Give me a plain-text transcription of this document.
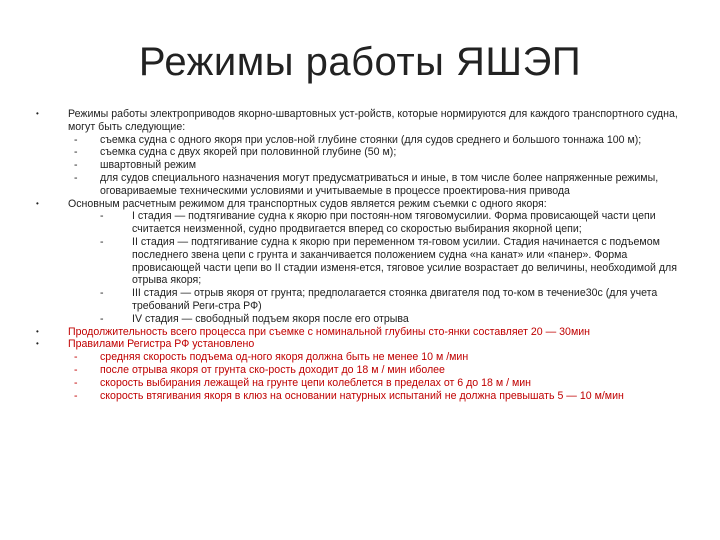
Режимы работы ЯШЭП
•	Режимы работы электроприводов якорно-швартовных уст-ройств, которые нормируются для каждого транспортного судна, могут быть следующие:
-	съемка судна с одного якоря при услов-ной глубине стоянки (для судов среднего и большого тоннажа 100 м);
-	съемка судна с двух якорей при половинной глубине (50 м);
-	швартовный режим
-	для судов специального назначения могут предусматриваться и иные, в том числе более напряженные режимы, оговариваемые техническими условиями и учитываемые в процессе проектирова-ния привода
•	Основным расчетным режимом для транспортных судов является режим съемки с одного якоря:
-	I стадия — подтягивание судна к якорю при постоян-ном тяговомусилии. Форма провисающей части цепи считается неизменной, судно продвигается вперед со скоростью выбирания якорной цепи;
-	II стадия — подтягивание судна к якорю при переменном тя-говом усилии. Стадия начинается с подъемом последнего звена цепи с грунта и заканчивается положением судна «на канат» или «панер». Форма провисающей части цепи во II стадии изменя-ется, тяговое усилие возрастает до величины, необходимой для отрыва якоря;
-	III стадия — отрыв якоря от грунта; предполагается стоянка двигателя под то-ком в течение30с (для учета требований Реги-стра РФ)
-	IV стадия — свободный подъем якоря после его отрыва
•	Продолжительность всего процесса при съемке с номинальной глубины сто-янки составляет 20 — 30мин
•	Правилами Регистра РФ установлено
-	средняя скорость подъема од-ного якоря должна быть не менее 10 м /мин
-	после отрыва якоря от грунта ско-рость доходит до 18 м / мин иболее
-	скорость выбирания лежащей на грунте цепи колеблется в пределах от 6 до 18 м / мин
-	скорость втягивания якоря в клюз на основании натурных испытаний не должна превышать 5 — 10 м/мин
